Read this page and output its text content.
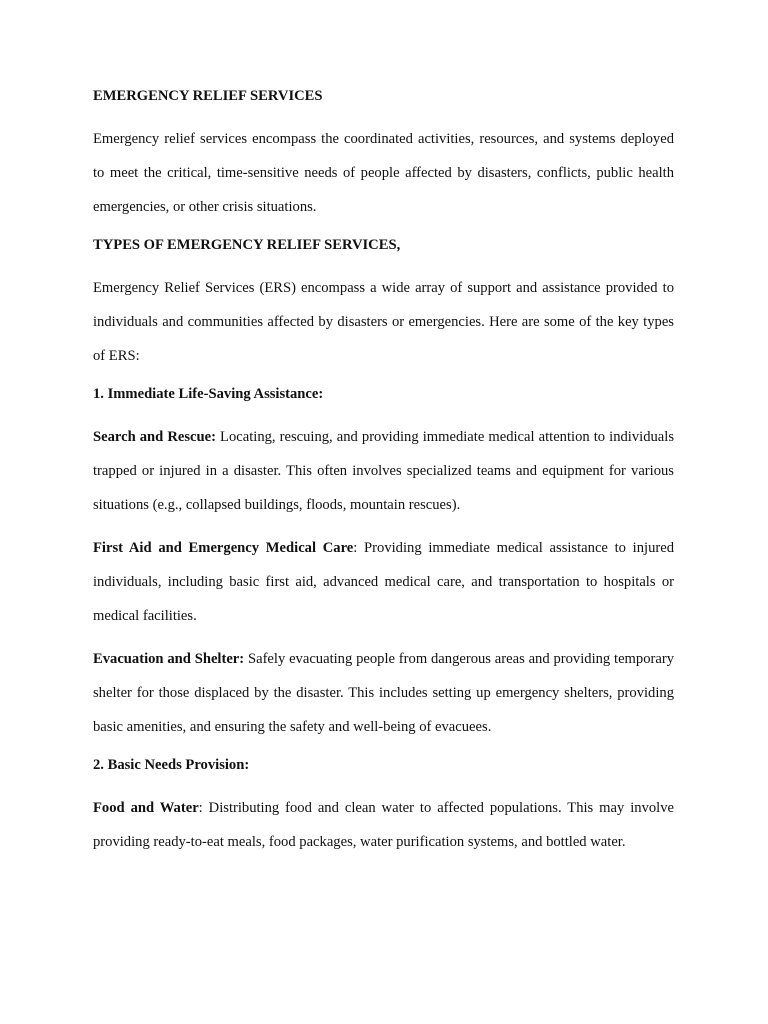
EMERGENCY RELIEF SERVICES

Emergency relief services encompass the coordinated activities, resources, and systems deployed to meet the critical, time-sensitive needs of people affected by disasters, conflicts, public health emergencies, or other crisis situations.

TYPES OF EMERGENCY RELIEF SERVICES,

Emergency Relief Services (ERS) encompass a wide array of support and assistance provided to individuals and communities affected by disasters or emergencies. Here are some of the key types of ERS:

1. Immediate Life-Saving Assistance:

Search and Rescue: Locating, rescuing, and providing immediate medical attention to individuals trapped or injured in a disaster. This often involves specialized teams and equipment for various situations (e.g., collapsed buildings, floods, mountain rescues).

First Aid and Emergency Medical Care: Providing immediate medical assistance to injured individuals, including basic first aid, advanced medical care, and transportation to hospitals or medical facilities.

Evacuation and Shelter: Safely evacuating people from dangerous areas and providing temporary shelter for those displaced by the disaster. This includes setting up emergency shelters, providing basic amenities, and ensuring the safety and well-being of evacuees.

2. Basic Needs Provision:

Food and Water: Distributing food and clean water to affected populations. This may involve providing ready-to-eat meals, food packages, water purification systems, and bottled water.
